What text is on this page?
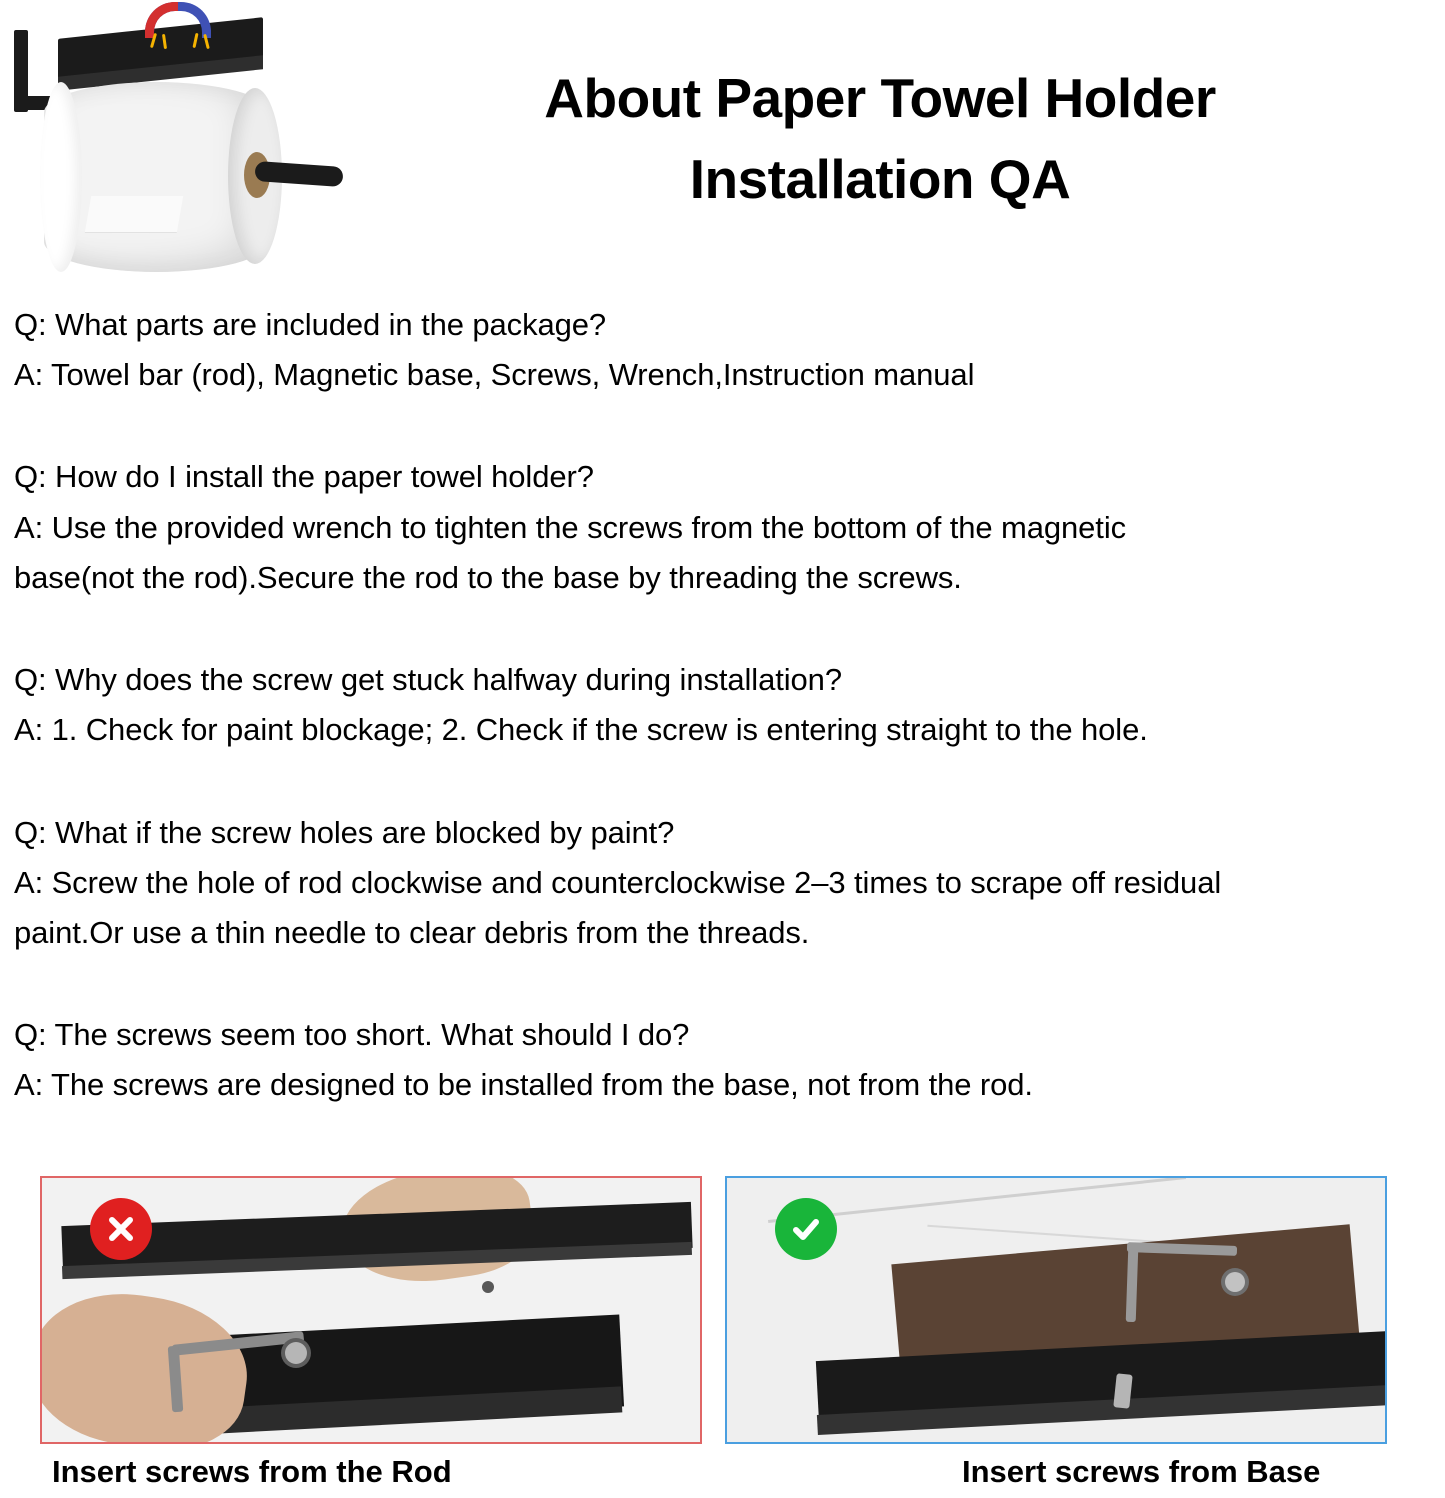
About Paper Towel Holder
Installation QA
Q: What parts are included in the package?
A: Towel bar (rod), Magnetic base, Screws, Wrench,Instruction manual
Q: How do I install the paper towel holder?
A: Use the provided wrench to tighten the screws from the bottom of the magnetic
base(not the rod).Secure the rod to the base by threading the screws.
Q: Why does the screw get stuck halfway during installation?
A: 1. Check for paint blockage; 2. Check if the screw is entering straight to the hole.
Q: What if the screw holes are blocked by paint?
A: Screw the hole of rod clockwise and counterclockwise 2–3 times to scrape off residual
paint.Or use a thin needle to clear debris from the threads.
Q: The screws seem too short. What should I do?
A: The screws are designed to be installed from the base, not from the rod.
Insert screws from the Rod	Insert screws from Base
